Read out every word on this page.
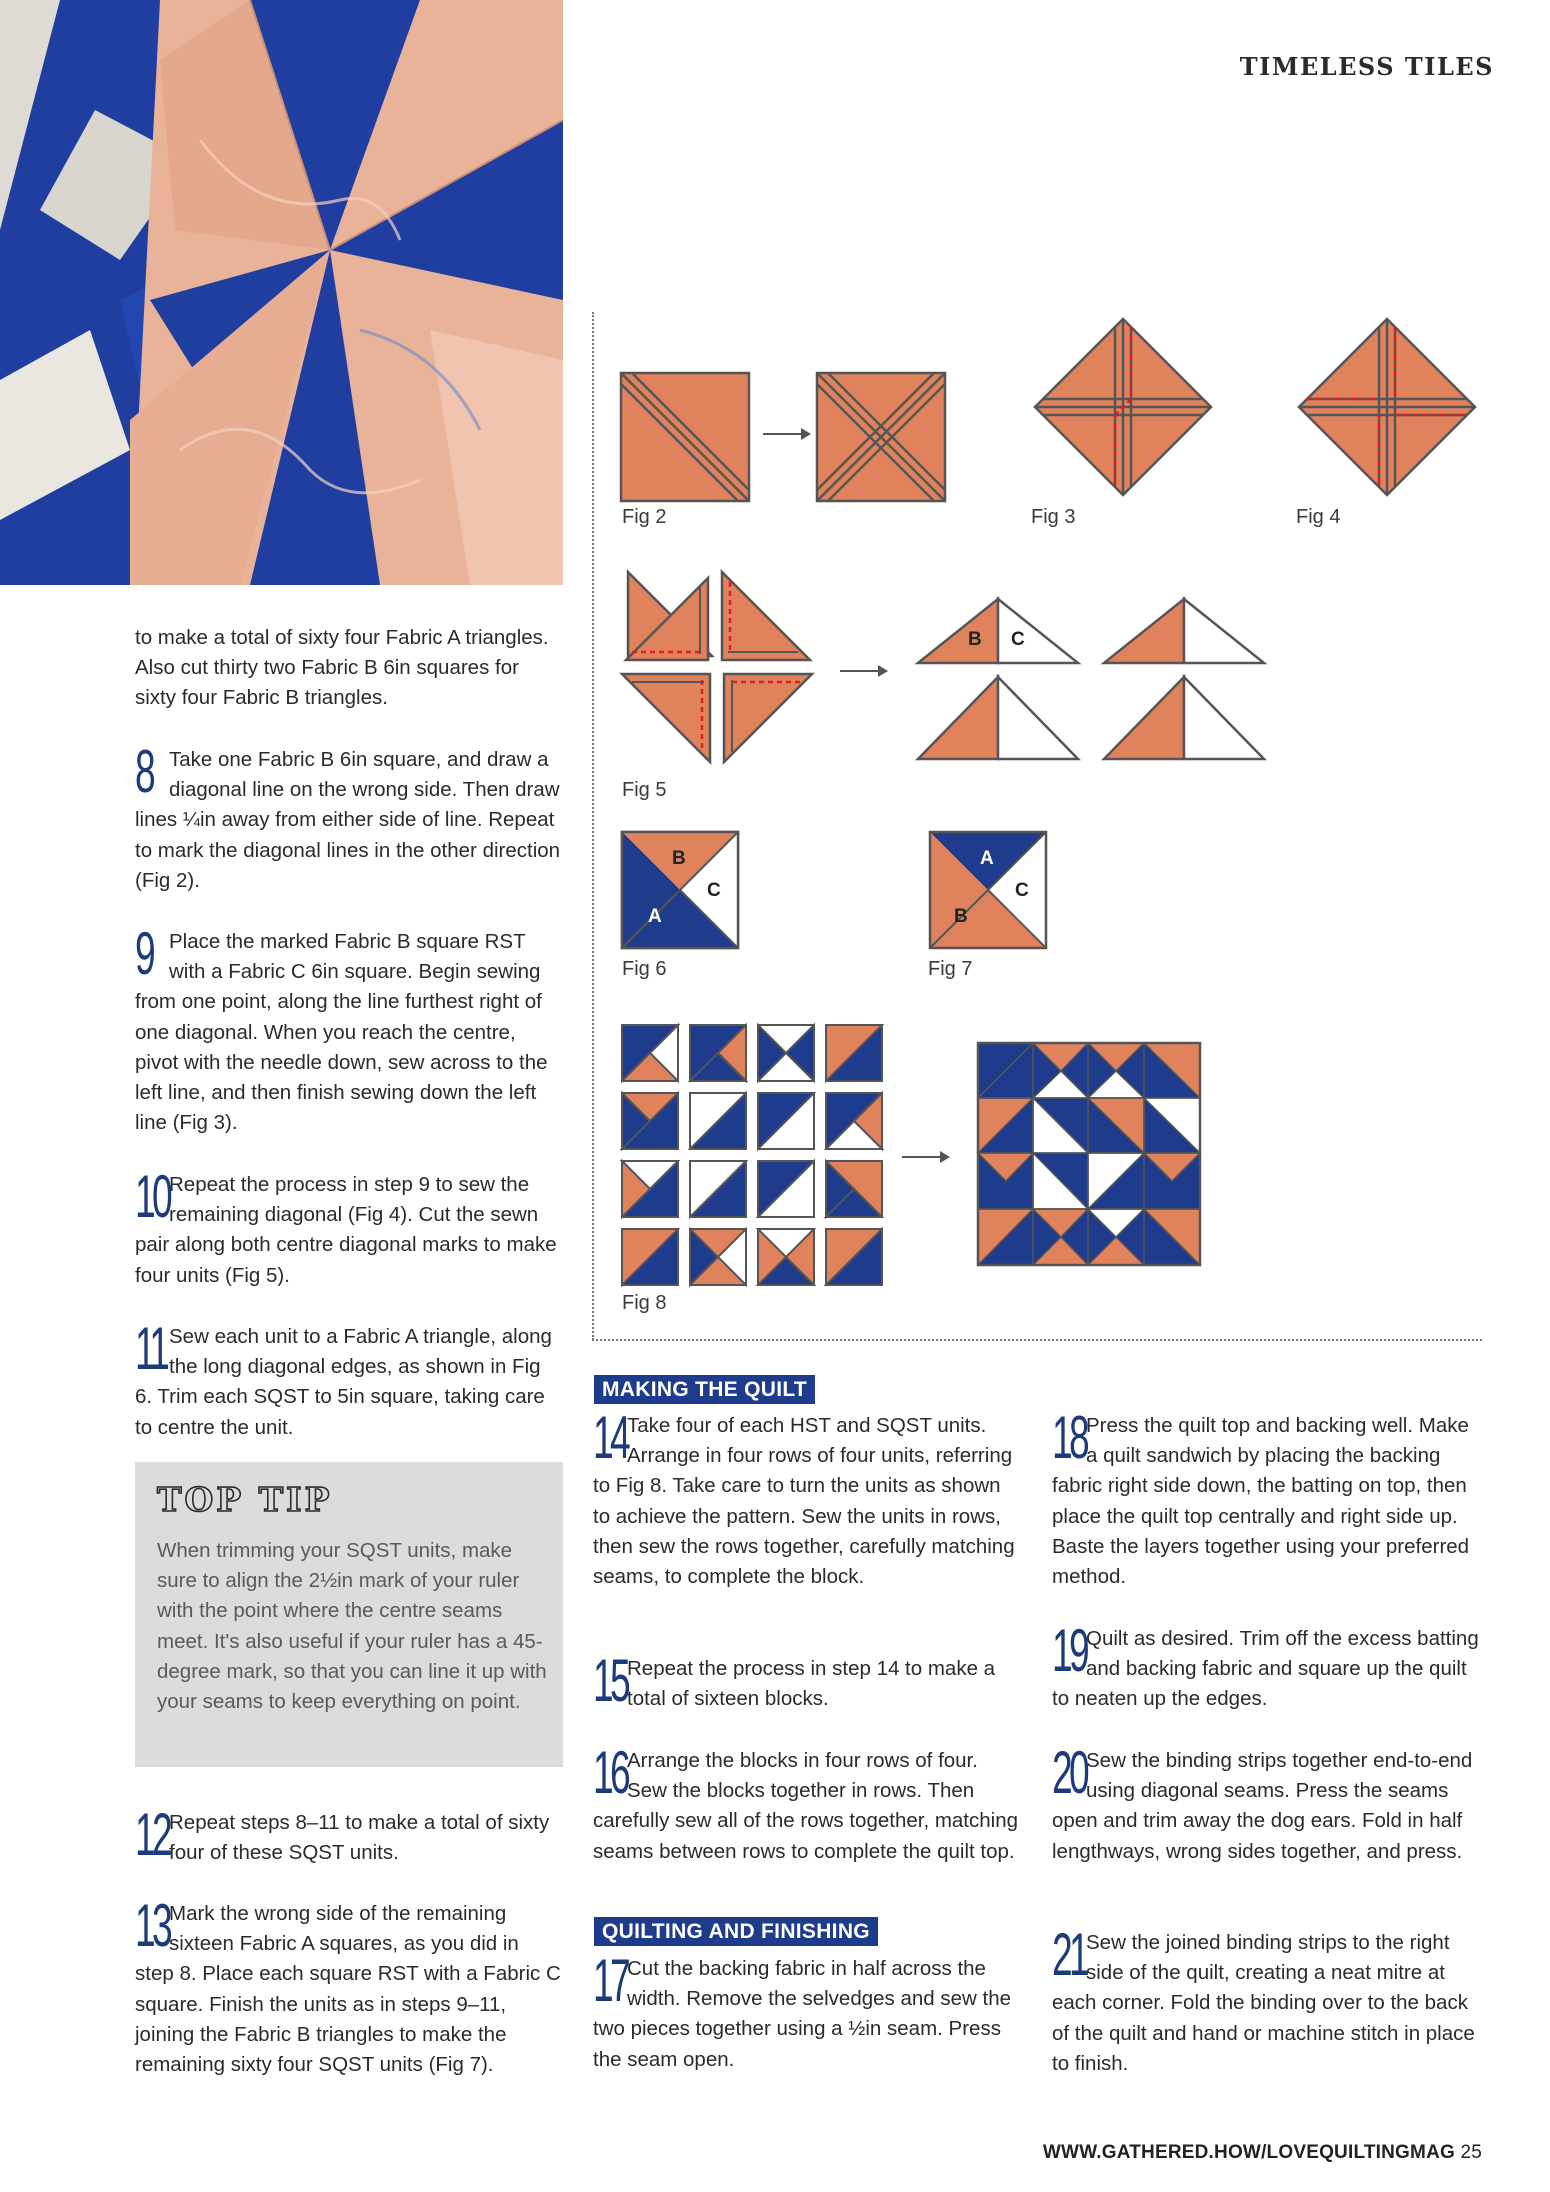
TIMELESS TILES

to make a total of sixty four Fabric A triangles. Also cut thirty two Fabric B 6in squares for sixty four Fabric B triangles.

8 Take one Fabric B 6in square, and draw a diagonal line on the wrong side. Then draw lines ¼in away from either side of line. Repeat to mark the diagonal lines in the other direction (Fig 2).

9 Place the marked Fabric B square RST with a Fabric C 6in square. Begin sewing from one point, along the line furthest right of one diagonal. When you reach the centre, pivot with the needle down, sew across to the left line, and then finish sewing down the left line (Fig 3).

10 Repeat the process in step 9 to sew the remaining diagonal (Fig 4). Cut the sewn pair along both centre diagonal marks to make four units (Fig 5).

11 Sew each unit to a Fabric A triangle, along the long diagonal edges, as shown in Fig 6. Trim each SQST to 5in square, taking care to centre the unit.

TOP TIP
When trimming your SQST units, make sure to align the 2½in mark of your ruler with the point where the centre seams meet. It's also useful if your ruler has a 45-degree mark, so that you can line it up with your seams to keep everything on point.
12 Repeat steps 8–11 to make a total of sixty four of these SQST units.

13 Mark the wrong side of the remaining sixteen Fabric A squares, as you did in step 8. Place each square RST with a Fabric C square. Finish the units as in steps 9–11, joining the Fabric B triangles to make the remaining sixty four SQST units (Fig 7).

Fig 2	Fig 3	Fig 4
B C
Fig 5
B
C
A
Fig 6
A
C
B
Fig 7
Fig 8
MAKING THE QUILT
14 Take four of each HST and SQST units. Arrange in four rows of four units, referring to Fig 8. Take care to turn the units as shown to achieve the pattern. Sew the units in rows, then sew the rows together, carefully matching seams, to complete the block.

15 Repeat the process in step 14 to make a total of sixteen blocks.

16 Arrange the blocks in four rows of four. Sew the blocks together in rows. Then carefully sew all of the rows together, matching seams between rows to complete the quilt top.

QUILTING AND FINISHING
17 Cut the backing fabric in half across the width. Remove the selvedges and sew the two pieces together using a ½in seam. Press the seam open.

18 Press the quilt top and backing well. Make a quilt sandwich by placing the backing fabric right side down, the batting on top, then place the quilt top centrally and right side up. Baste the layers together using your preferred method.

19 Quilt as desired. Trim off the excess batting and backing fabric and square up the quilt to neaten up the edges.

20 Sew the binding strips together end-to-end using diagonal seams. Press the seams open and trim away the dog ears. Fold in half lengthways, wrong sides together, and press.

21 Sew the joined binding strips to the right side of the quilt, creating a neat mitre at each corner. Fold the binding over to the back of the quilt and hand or machine stitch in place to finish.

WWW.GATHERED.HOW/LOVEQUILTINGMAG 25
